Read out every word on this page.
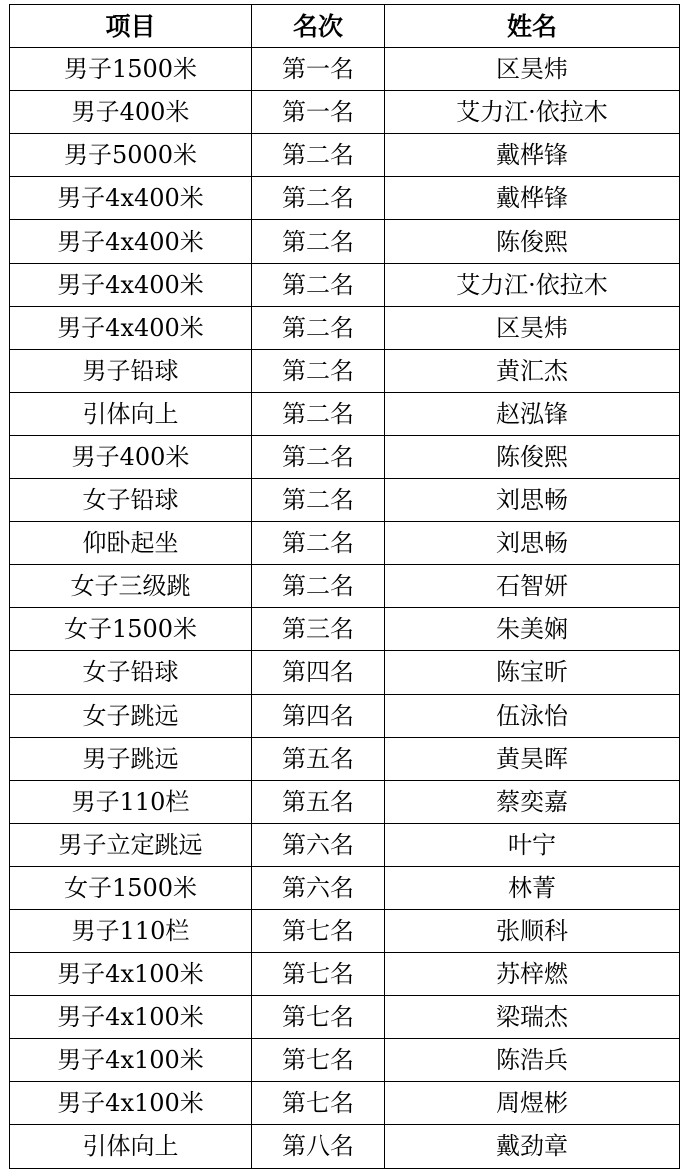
项目	名次	姓名
男子1500米	第一名	区昊炜
男子400米	第一名	艾力江·依拉木
男子5000米	第二名	戴桦锋
男子4x400米	第二名	戴桦锋
男子4x400米	第二名	陈俊熙
男子4x400米	第二名	艾力江·依拉木
男子4x400米	第二名	区昊炜
男子铅球	第二名	黄汇杰
引体向上	第二名	赵泓锋
男子400米	第二名	陈俊熙
女子铅球	第二名	刘思畅
仰卧起坐	第二名	刘思畅
女子三级跳	第二名	石智妍
女子1500米	第三名	朱美娴
女子铅球	第四名	陈宝昕
女子跳远	第四名	伍泳怡
男子跳远	第五名	黄昊晖
男子110栏	第五名	蔡奕嘉
男子立定跳远	第六名	叶宁
女子1500米	第六名	林菁
男子110栏	第七名	张顺科
男子4x100米	第七名	苏梓燃
男子4x100米	第七名	梁瑞杰
男子4x100米	第七名	陈浩兵
男子4x100米	第七名	周煜彬
引体向上	第八名	戴劲章
